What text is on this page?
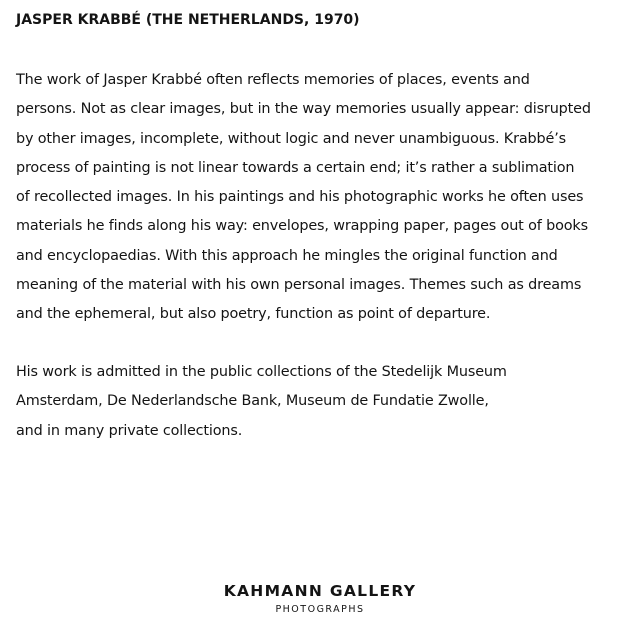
JASPER KRABBÉ (THE NETHERLANDS, 1970)

The work of Jasper Krabbé often reflects memories of places, events and
persons. Not as clear images, but in the way memories usually appear: disrupted
by other images, incomplete, without logic and never unambiguous. Krabbé’s
process of painting is not linear towards a certain end; it’s rather a sublimation
of recollected images. In his paintings and his photographic works he often uses
materials he finds along his way: envelopes, wrapping paper, pages out of books
and encyclopaedias. With this approach he mingles the original function and
meaning of the material with his own personal images. Themes such as dreams
and the ephemeral, but also poetry, function as point of departure.

His work is admitted in the public collections of the Stedelijk Museum
Amsterdam, De Nederlandsche Bank, Museum de Fundatie Zwolle,
and in many private collections.

KAHMANN GALLERY
PHOTOGRAPHS
